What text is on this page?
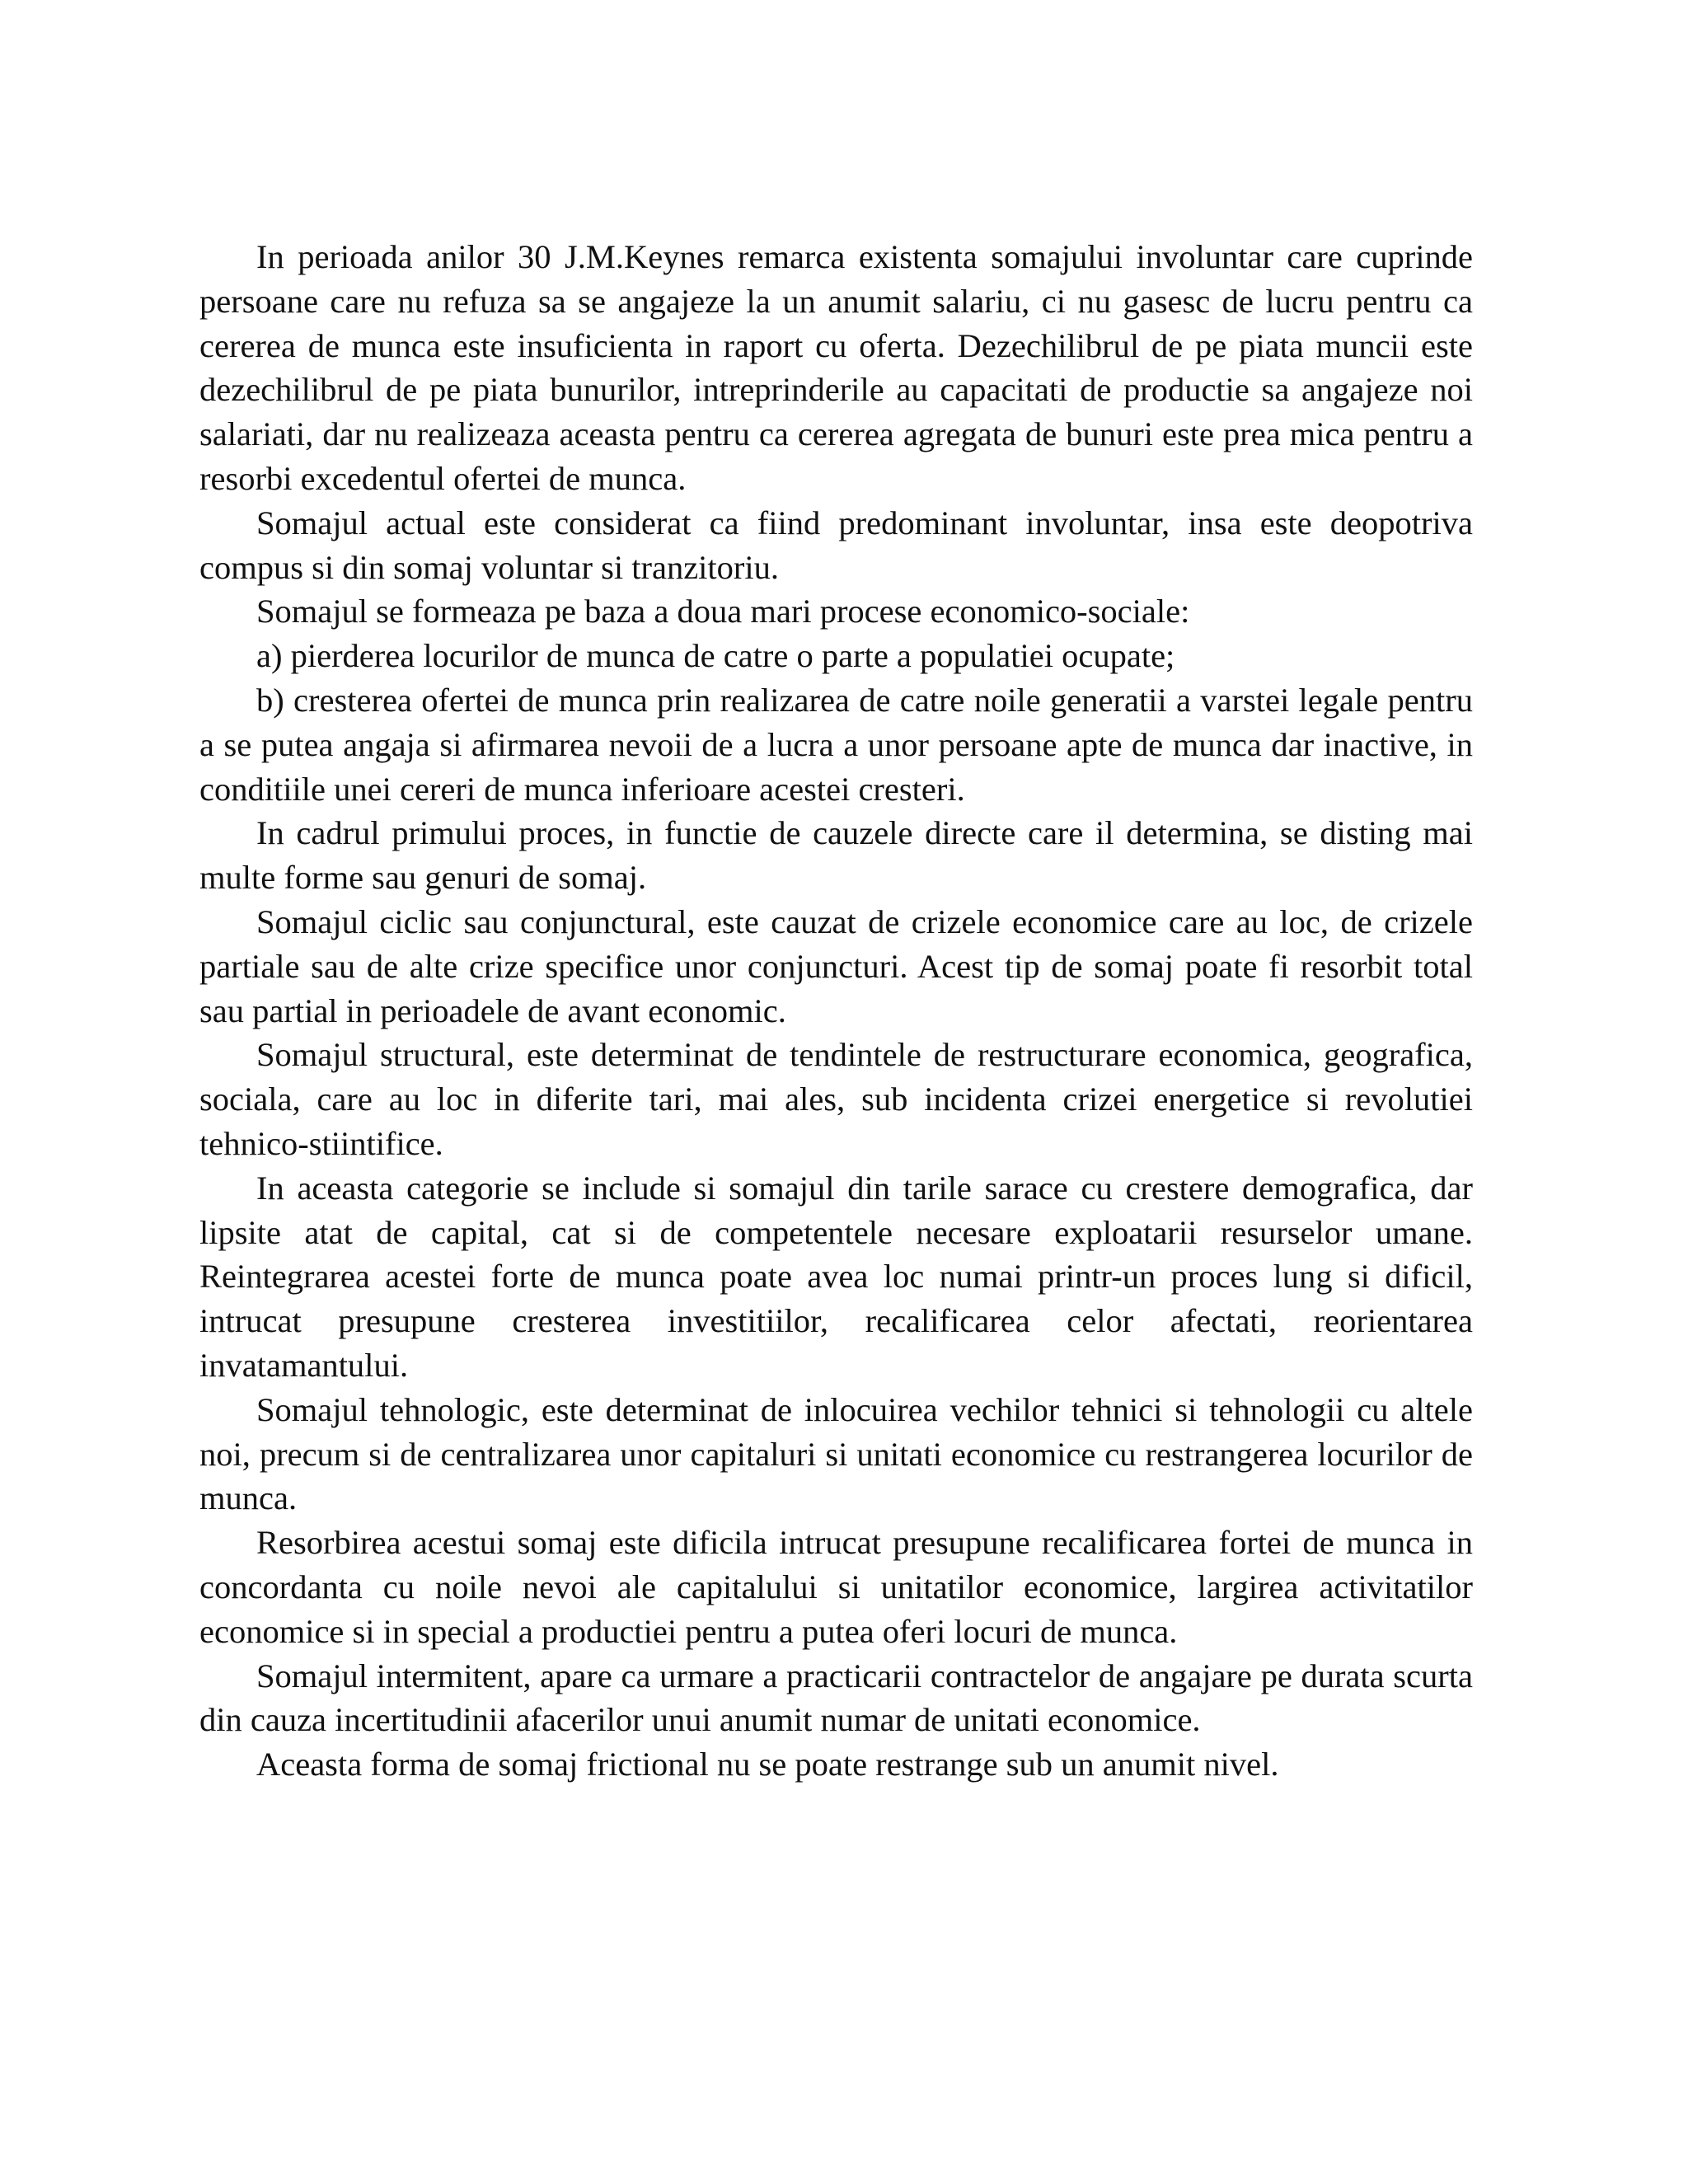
In perioada anilor 30 J.M.Keynes remarca existenta somajului involuntar care cuprinde persoane care nu refuza sa se angajeze la un anumit salariu, ci nu gasesc de lucru pentru ca cererea de munca este insuficienta in raport cu oferta. Dezechilibrul de pe piata muncii este dezechilibrul de pe piata bunurilor, intreprinderile au capacitati de productie sa angajeze noi salariati, dar nu realizeaza aceasta pentru ca cererea agregata de bunuri este prea mica pentru a resorbi excedentul ofertei de munca.

Somajul actual este considerat ca fiind predominant involuntar, insa este deopotriva compus si din somaj voluntar si tranzitoriu.

Somajul se formeaza pe baza a doua mari procese economico-sociale:

a) pierderea locurilor de munca de catre o parte a populatiei ocupate;

b) cresterea ofertei de munca prin realizarea de catre noile generatii a varstei legale pentru a se putea angaja si afirmarea nevoii de a lucra a unor persoane apte de munca dar inactive, in conditiile unei cereri de munca inferioare acestei cresteri.

In cadrul primului proces, in functie de cauzele directe care il determina, se disting mai multe forme sau genuri de somaj.

Somajul ciclic sau conjunctural, este cauzat de crizele economice care au loc, de crizele partiale sau de alte crize specifice unor conjuncturi. Acest tip de somaj poate fi resorbit total sau partial in perioadele de avant economic.

Somajul structural, este determinat de tendintele de restructurare economica, geografica, sociala, care au loc in diferite tari, mai ales, sub incidenta crizei energetice si revolutiei tehnico-stiintifice.

In aceasta categorie se include si somajul din tarile sarace cu crestere demografica, dar lipsite atat de capital, cat si de competentele necesare exploatarii resurselor umane. Reintegrarea acestei forte de munca poate avea loc numai printr-un proces lung si dificil, intrucat presupune cresterea investitiilor, recalificarea celor afectati, reorientarea invatamantului.

Somajul tehnologic, este determinat de inlocuirea vechilor tehnici si tehnologii cu altele noi, precum si de centralizarea unor capitaluri si unitati economice cu restrangerea locurilor de munca.

Resorbirea acestui somaj este dificila intrucat presupune recalificarea fortei de munca in concordanta cu noile nevoi ale capitalului si unitatilor economice, largirea activitatilor economice si in special a productiei pentru a putea oferi locuri de munca.

Somajul intermitent, apare ca urmare a practicarii contractelor de angajare pe durata scurta din cauza incertitudinii afacerilor unui anumit numar de unitati economice.

Aceasta forma de somaj frictional nu se poate restrange sub un anumit nivel.
